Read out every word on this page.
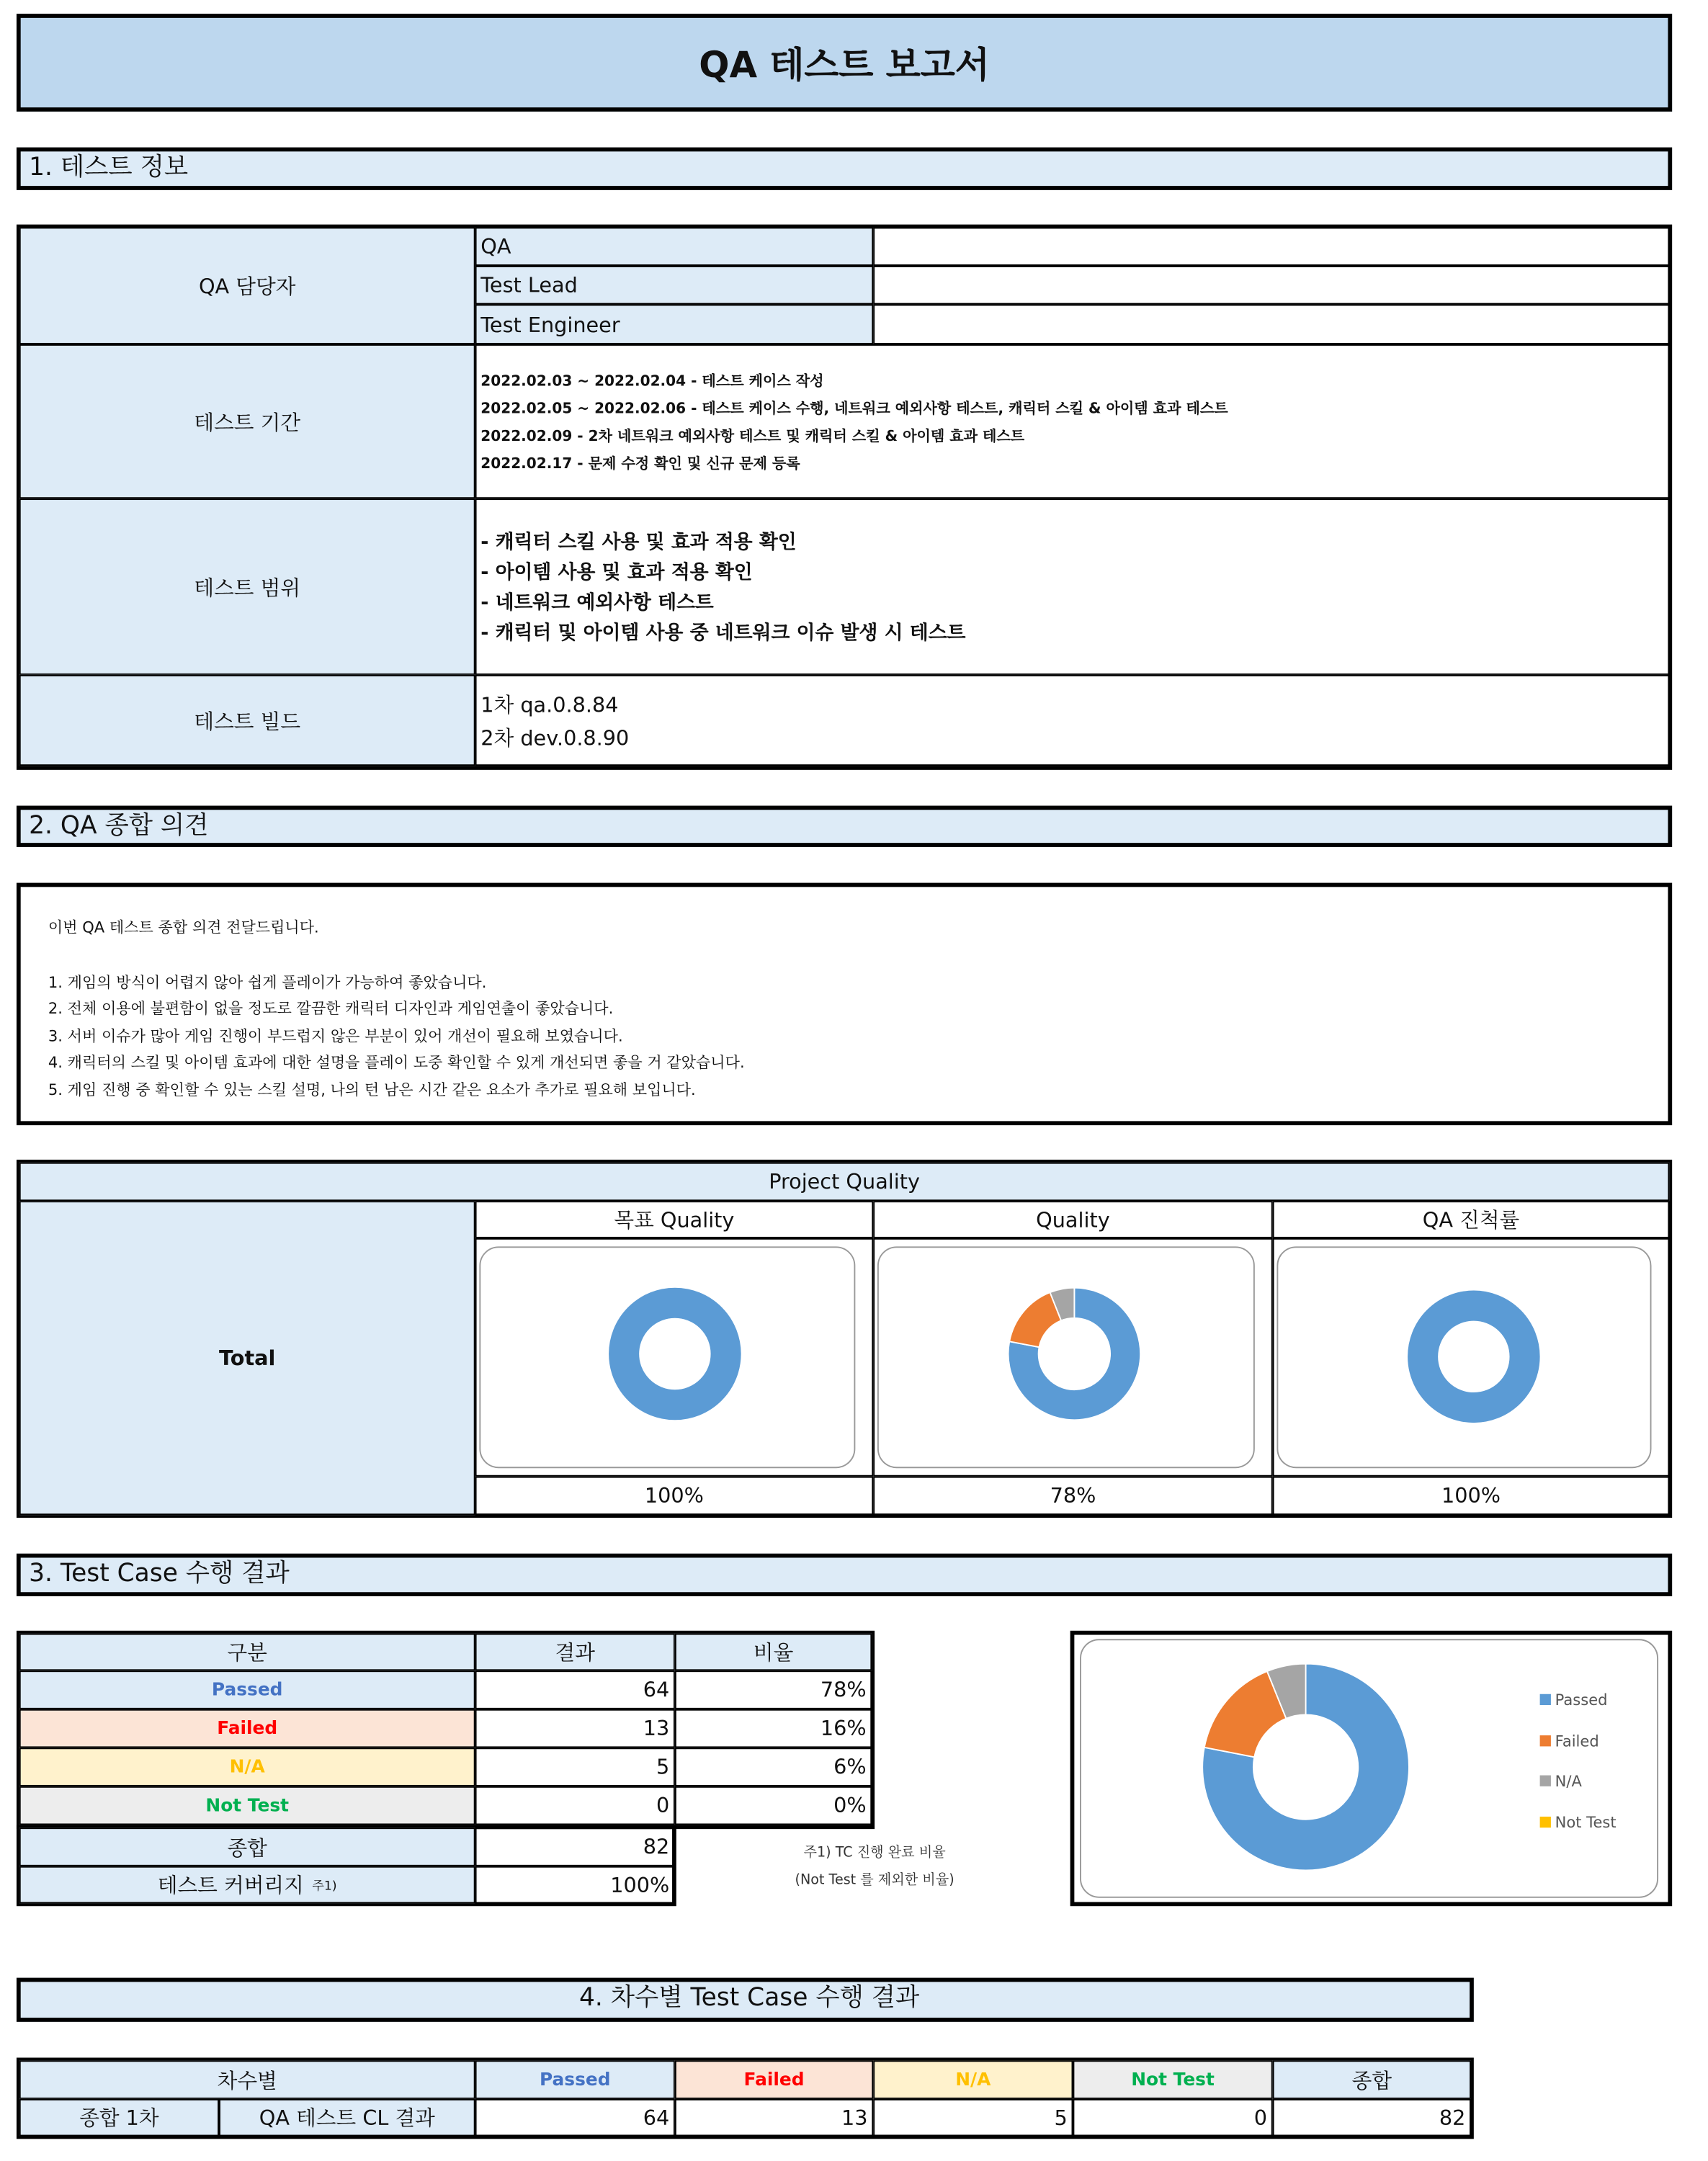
QA 테스트 보고서
1. 테스트 정보
QA 담당자
QA
Test Lead
Test Engineer
테스트 기간
2022.02.03 ~ 2022.02.04 - 테스트 케이스 작성
2022.02.05 ~ 2022.02.06 - 테스트 케이스 수행, 네트워크 예외사항 테스트, 캐릭터 스킬 & 아이템 효과 테스트
2022.02.09 - 2차 네트워크 예외사항 테스트 및 캐릭터 스킬 & 아이템 효과 테스트
2022.02.17 - 문제 수정 확인 및 신규 문제 등록
테스트 범위
- 캐릭터 스킬 사용 및 효과 적용 확인
- 아이템 사용 및 효과 적용 확인
- 네트워크 예외사항 테스트
- 캐릭터 및 아이템 사용 중 네트워크 이슈 발생 시 테스트
테스트 빌드
1차 qa.0.8.84
2차 dev.0.8.90
2. QA 종합 의견
이번 QA 테스트 종합 의견 전달드립니다.
1. 게임의 방식이 어렵지 않아 쉽게 플레이가 가능하여 좋았습니다.
2. 전체 이용에 불편함이 없을 정도로 깔끔한 캐릭터 디자인과 게임연출이 좋았습니다.
3. 서버 이슈가 많아 게임 진행이 부드럽지 않은 부분이 있어 개선이 필요해 보였습니다.
4. 캐릭터의 스킬 및 아이템 효과에 대한 설명을 플레이 도중 확인할 수 있게 개선되면 좋을 거 같았습니다.
5. 게임 진행 중 확인할 수 있는 스킬 설명, 나의 턴 남은 시간 같은 요소가 추가로 필요해 보입니다.
Project Quality
Total
목표 Quality
100%
Quality
78%
QA 진척률
100%
3. Test Case 수행 결과
구분	결과	비율
Passed	64	78%
Failed	13	16%
N/A	5	6%
Not Test	0	0%
종합	82
테스트 커버리지 주1)	100%
주1) TC 진행 완료 비율
(Not Test 를 제외한 비율)
Passed
Failed
N/A
Not Test
4. 차수별 Test Case 수행 결과
차수별	Passed	Failed	N/A	Not Test	종합
종합 1차	QA 테스트 CL 결과	64	13	5	0	82
